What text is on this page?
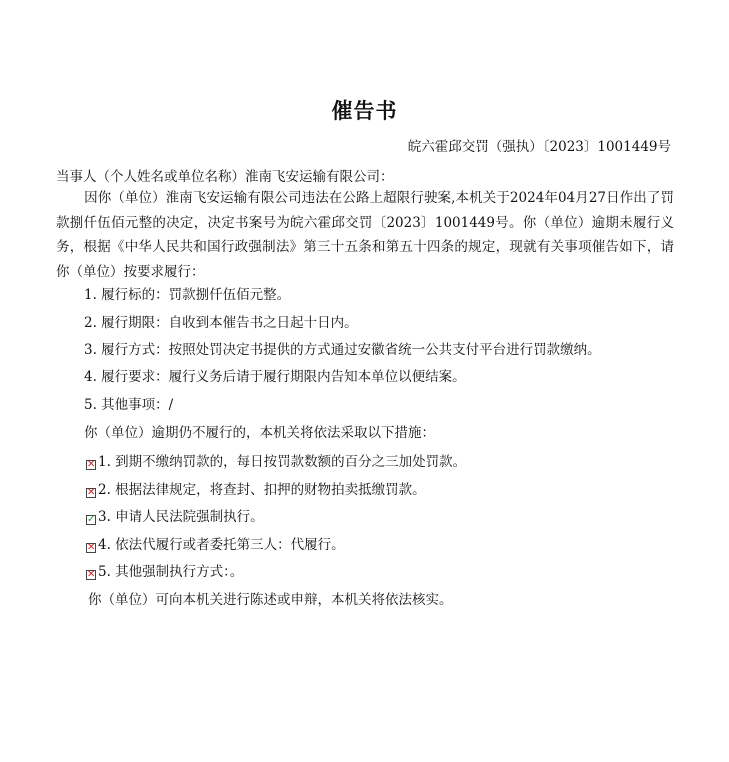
催告书
皖六霍邱交罚（强执）〔2023〕1001449号
当事人（个人姓名或单位名称）淮南飞安运输有限公司：
因你（单位）淮南飞安运输有限公司违法在公路上超限行驶案,本机关于2024年04月27日作出了罚款捌仟伍佰元整的决定，决定书案号为皖六霍邱交罚〔2023〕1001449号。你（单位）逾期未履行义务，根据《中华人民共和国行政强制法》第三十五条和第五十四条的规定，现就有关事项催告如下，请你（单位）按要求履行：
1. 履行标的：罚款捌仟伍佰元整。
2. 履行期限：自收到本催告书之日起十日内。
3. 履行方式：按照处罚决定书提供的方式通过安徽省统一公共支付平台进行罚款缴纳。
4. 履行要求：履行义务后请于履行期限内告知本单位以便结案。
5. 其他事项：/
你（单位）逾期仍不履行的，本机关将依法采取以下措施：
✕ 1. 到期不缴纳罚款的，每日按罚款数额的百分之三加处罚款。
✕ 2. 根据法律规定，将查封、扣押的财物拍卖抵缴罚款。
✓ 3. 申请人民法院强制执行。
✕ 4. 依法代履行或者委托第三人：代履行。
✕ 5. 其他强制执行方式：。
你（单位）可向本机关进行陈述或申辩，本机关将依法核实。
